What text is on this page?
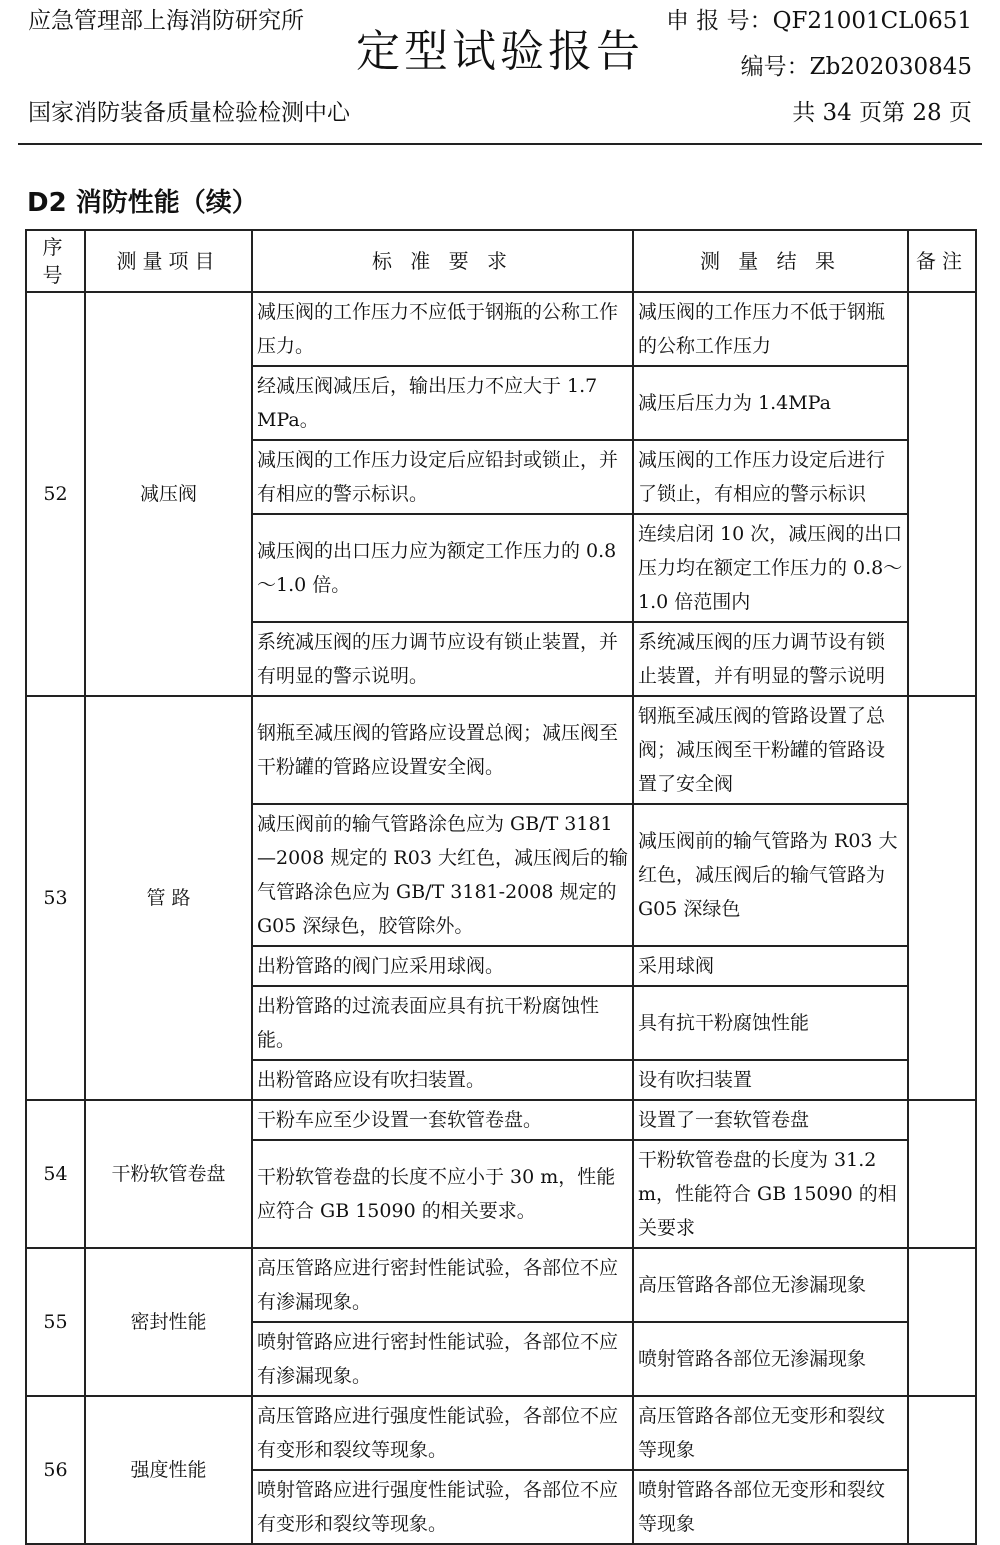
应急管理部上海消防研究所	申 报 号：QF21001CL0651
定型试验报告	编号：Zb202030845
国家消防装备质量检验检测中心	共 34 页第 28 页
D2 消防性能（续）
序号	测量项目	标 准 要 求	测 量 结 果	备注
52	减压阀	减压阀的工作压力不应低于钢瓶的公称工作压力。	减压阀的工作压力不低于钢瓶的公称工作压力	
		经减压阀减压后，输出压力不应大于 1.7 MPa。	减压后压力为 1.4MPa	
		减压阀的工作压力设定后应铅封或锁止，并有相应的警示标识。	减压阀的工作压力设定后进行了锁止，有相应的警示标识	
		减压阀的出口压力应为额定工作压力的 0.8～1.0 倍。	连续启闭 10 次，减压阀的出口压力均在额定工作压力的 0.8～1.0 倍范围内	
		系统减压阀的压力调节应设有锁止装置，并有明显的警示说明。	系统减压阀的压力调节设有锁止装置，并有明显的警示说明	
53	管 路	钢瓶至减压阀的管路应设置总阀；减压阀至干粉罐的管路应设置安全阀。	钢瓶至减压阀的管路设置了总阀；减压阀至干粉罐的管路设置了安全阀	
		减压阀前的输气管路涂色应为 GB/T 3181—2008 规定的 R03 大红色，减压阀后的输气管路涂色应为 GB/T 3181-2008 规定的 G05 深绿色，胶管除外。	减压阀前的输气管路为 R03 大红色，减压阀后的输气管路为 G05 深绿色	
		出粉管路的阀门应采用球阀。	采用球阀	
		出粉管路的过流表面应具有抗干粉腐蚀性能。	具有抗干粉腐蚀性能	
		出粉管路应设有吹扫装置。	设有吹扫装置	
54	干粉软管卷盘	干粉车应至少设置一套软管卷盘。	设置了一套软管卷盘	
		干粉软管卷盘的长度不应小于 30 m，性能应符合 GB 15090 的相关要求。	干粉软管卷盘的长度为 31.2 m，性能符合 GB 15090 的相关要求	
55	密封性能	高压管路应进行密封性能试验，各部位不应有渗漏现象。	高压管路各部位无渗漏现象	
		喷射管路应进行密封性能试验，各部位不应有渗漏现象。	喷射管路各部位无渗漏现象	
56	强度性能	高压管路应进行强度性能试验，各部位不应有变形和裂纹等现象。	高压管路各部位无变形和裂纹等现象	
		喷射管路应进行强度性能试验，各部位不应有变形和裂纹等现象。	喷射管路各部位无变形和裂纹等现象	
